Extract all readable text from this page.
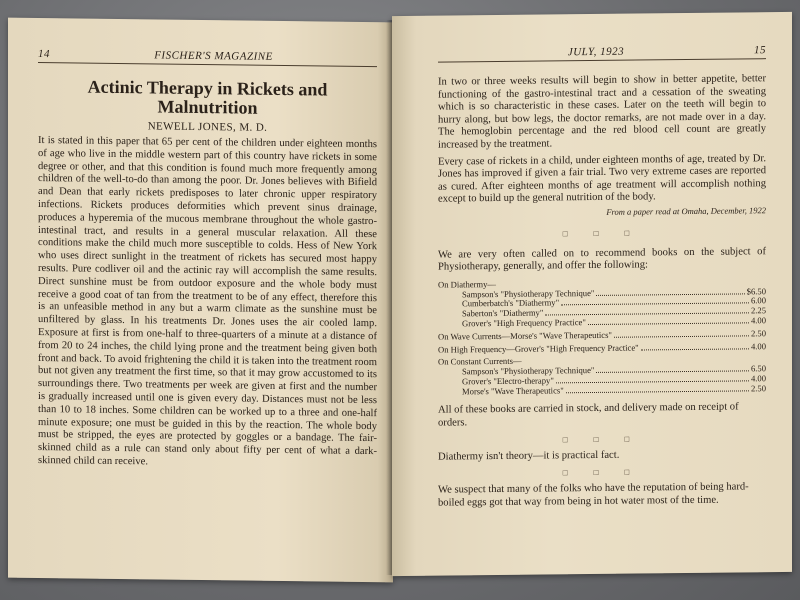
14	FISCHER'S MAGAZINE
Actinic Therapy in Rickets and
Malnutrition
NEWELL JONES, M. D.

It is stated in this paper that 65 per cent of the children under eighteen months of age who live in the middle western part of this country have rickets in some degree or other, and that this condition is found much more frequently among children of the well-to-do than among the poor. Dr. Jones believes with Bifield and Dean that early rickets predisposes to later chronic upper respiratory infections. Rickets produces deformities which prevent sinus drainage, produces a hyperemia of the mucous membrane throughout the whole gastro-intestinal tract, and results in a general muscular relaxation. All these conditions make the child much more susceptible to colds. Hess of New York who uses direct sunlight in the treatment of rickets has secured most happy results. Pure codliver oil and the actinic ray will accomplish the same results. Direct sunshine must be from outdoor exposure and the whole body must receive a good coat of tan from the treatment to be of any effect, therefore this is an unfeasible method in any but a warm climate as the sunshine must be unfiltered by glass. In his treatments Dr. Jones uses the air cooled lamp. Exposure at first is from one-half to three-quarters of a minute at a distance of from 20 to 24 inches, the child lying prone and the treatment being given both front and back. To avoid frightening the child it is taken into the treatment room but not given any treatment the first time, so that it may grow accustomed to its surroundings there. Two treatments per week are given at first and the number is gradually increased until one is given every day. Distances must not be less than 10 to 18 inches. Some children can be worked up to a three and one-half minute exposure; one must be guided in this by the reaction. The whole body must be stripped, the eyes are protected by goggles or a bandage. The fair-skinned child as a rule can stand only about fifty per cent of what a dark-skinned child can receive.

JULY, 1923	15

In two or three weeks results will begin to show in better appetite, better functioning of the gastro-intestinal tract and a cessation of the sweating which is so characteristic in these cases. Later on the teeth will begin to hurry along, but bow legs, the doctor remarks, are not made over in a day. The hemoglobin percentage and the red blood cell count are greatly increased by the treatment.

Every case of rickets in a child, under eighteen months of age, treated by Dr. Jones has improved if given a fair trial. Two very extreme cases are reported as cured. After eighteen months of age treatment will accomplish nothing except to build up the general nutrition of the body.

From a paper read at Omaha, December, 1922
□ □ □
We are very often called on to recommend books on the subject of Physiotherapy, generally, and offer the following:
On Diathermy—
Sampson's "Physiotherapy Technique"	$6.50
Cumberbatch's "Diathermy"	6.00
Saberton's "Diathermy"	2.25
Grover's "High Frequency Practice"	4.00
On Wave Currents—Morse's "Wave Therapeutics"	2.50
On High Frequency—Grover's "High Frequency Practice"	4.00
On Constant Currents—
Sampson's "Physiotherapy Technique"	6.50
Grover's "Electro-therapy"	4.00
Morse's "Wave Therapeutics"	2.50
All of these books are carried in stock, and delivery made on receipt of orders.
□ □ □
Diathermy isn't theory—it is practical fact.
□ □ □
We suspect that many of the folks who have the reputation of being hard-boiled eggs got that way from being in hot water most of the time.
